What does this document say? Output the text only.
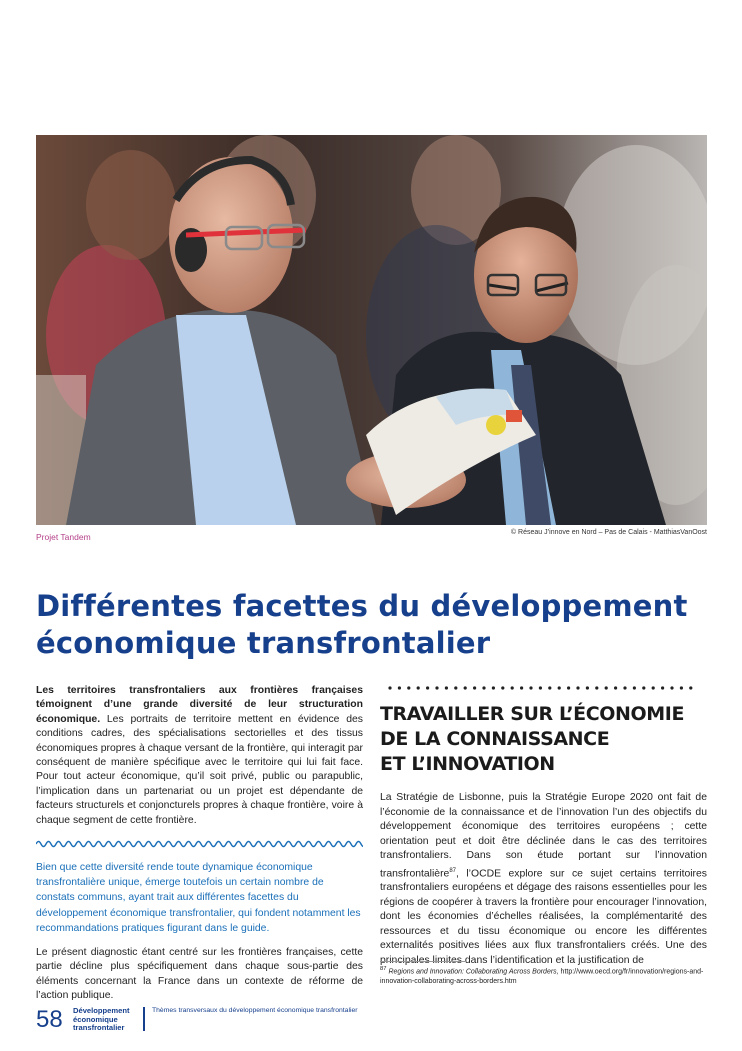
Projet Tandem	© Réseau J’innove en Nord – Pas de Calais - MatthiasVanOost
Différentes facettes du développement
économique transfrontalier

Les territoires transfrontaliers aux frontières françaises témoignent d’une grande diversité de leur structuration économique. Les portraits de territoire mettent en évidence des conditions cadres, des spécialisations sectorielles et des tissus économiques propres à chaque versant de la frontière, qui interagit par conséquent de manière spécifique avec le territoire qui lui fait face. Pour tout acteur économique, qu’il soit privé, public ou parapublic, l’implication dans un partenariat ou un projet est dépendante de facteurs structurels et conjoncturels propres à chaque frontière, voire à chaque segment de cette frontière.

Bien que cette diversité rende toute dynamique économique transfrontalière unique, émerge toutefois un certain nombre de constats communs, ayant trait aux différentes facettes du développement économique transfrontalier, qui fondent notamment les recommandations pratiques figurant dans le guide.

Le présent diagnostic étant centré sur les frontières françaises, cette partie décline plus spécifiquement dans chaque sous-partie des éléments concernant la France dans un contexte de réforme de l’action publique.

TRAVAILLER SUR L’ÉCONOMIE
DE LA CONNAISSANCE
ET L’INNOVATION

La Stratégie de Lisbonne, puis la Stratégie Europe 2020 ont fait de l’économie de la connaissance et de l’innovation l’un des objectifs du développement économique des territoires européens ; cette orientation peut et doit être déclinée dans le cas des territoires transfrontaliers. Dans son étude portant sur l’innovation transfrontalière$^{87}$, l’OCDE explore sur ce sujet certains territoires transfrontaliers européens et dégage des raisons essentielles pour les régions de coopérer à travers la frontière pour encourager l’innovation, dont les économies d’échelles réalisées, la complémentarité des ressources et du tissu économique ou encore les différentes externalités positives liées aux flux transfrontaliers créés. Une des principales limites dans l’identification et la justification de

$^{87}$ Regions and Innovation: Collaborating Across Borders, http://www.oecd.org/fr/innovation/regions-and-innovation-collaborating-across-borders.htm
58 Développement
économique
transfrontalier
Thèmes transversaux du développement économique transfrontalier
